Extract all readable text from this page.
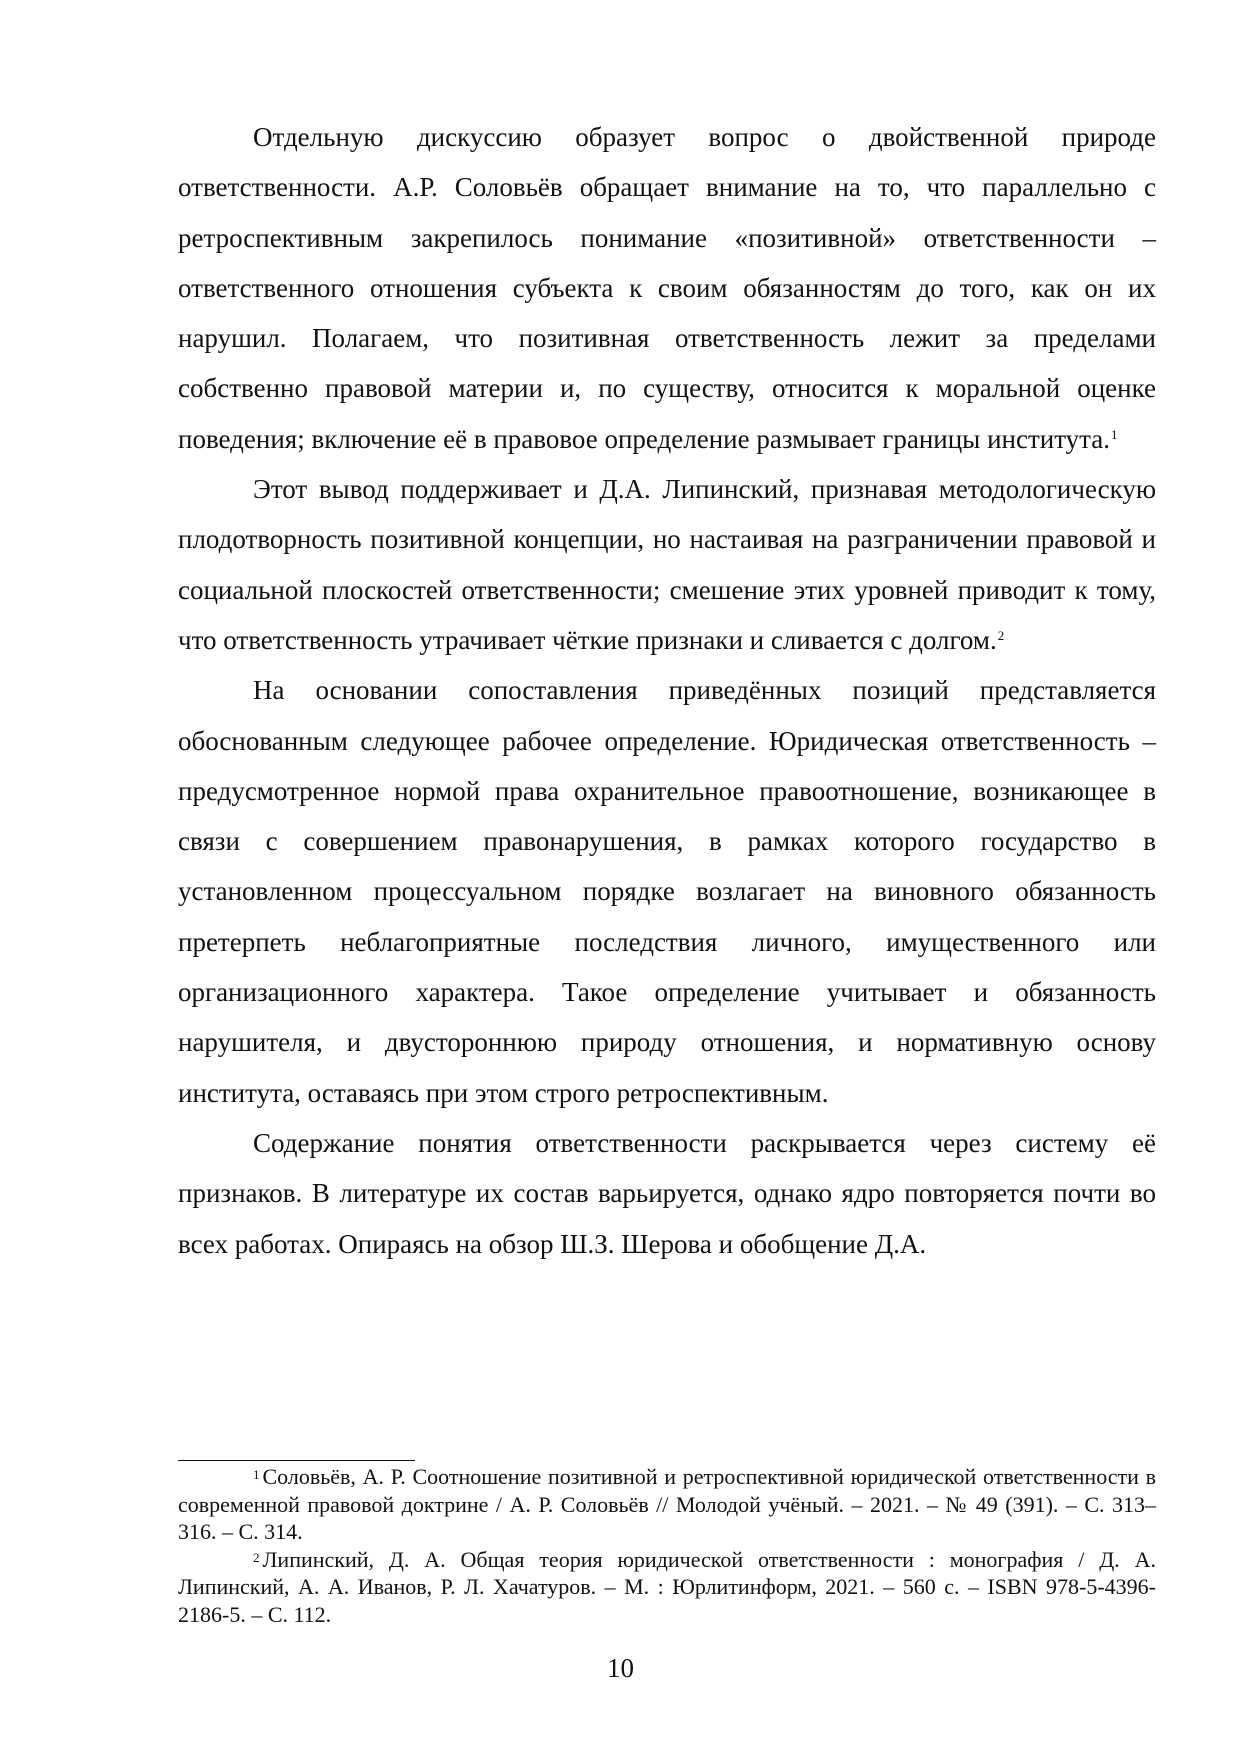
Отдельную дискуссию образует вопрос о двойственной природе ответственности. А.Р. Соловьёв обращает внимание на то, что параллельно с ретроспективным закрепилось понимание «позитивной» ответственности – ответственного отношения субъекта к своим обязанностям до того, как он их нарушил. Полагаем, что позитивная ответственность лежит за пределами собственно правовой материи и, по существу, относится к моральной оценке поведения; включение её в правовое определение размывает границы института.$^1$

Этот вывод поддерживает и Д.А. Липинский, признавая методологическую плодотворность позитивной концепции, но настаивая на разграничении правовой и социальной плоскостей ответственности; смешение этих уровней приводит к тому, что ответственность утрачивает чёткие признаки и сливается с долгом.$^2$

На основании сопоставления приведённых позиций представляется обоснованным следующее рабочее определение. Юридическая ответственность – предусмотренное нормой права охранительное правоотношение, возникающее в связи с совершением правонарушения, в рамках которого государство в установленном процессуальном порядке возлагает на виновного обязанность претерпеть неблагоприятные последствия личного, имущественного или организационного характера. Такое определение учитывает и обязанность нарушителя, и двустороннюю природу отношения, и нормативную основу института, оставаясь при этом строго ретроспективным.

Содержание понятия ответственности раскрывается через систему её признаков. В литературе их состав варьируется, однако ядро повторяется почти во всех работах. Опираясь на обзор Ш.З. Шерова и обобщение Д.А.

$^1$ Соловьёв, А. Р. Соотношение позитивной и ретроспективной юридической ответственности в современной правовой доктрине / А. Р. Соловьёв // Молодой учёный. – 2021. – № 49 (391). – С. 313–316. – С. 314.

$^2$ Липинский, Д. А. Общая теория юридической ответственности : монография / Д. А. Липинский, А. А. Иванов, Р. Л. Хачатуров. – М. : Юрлитинформ, 2021. – 560 с. – ISBN 978-5-4396-2186-5. – С. 112.

10
